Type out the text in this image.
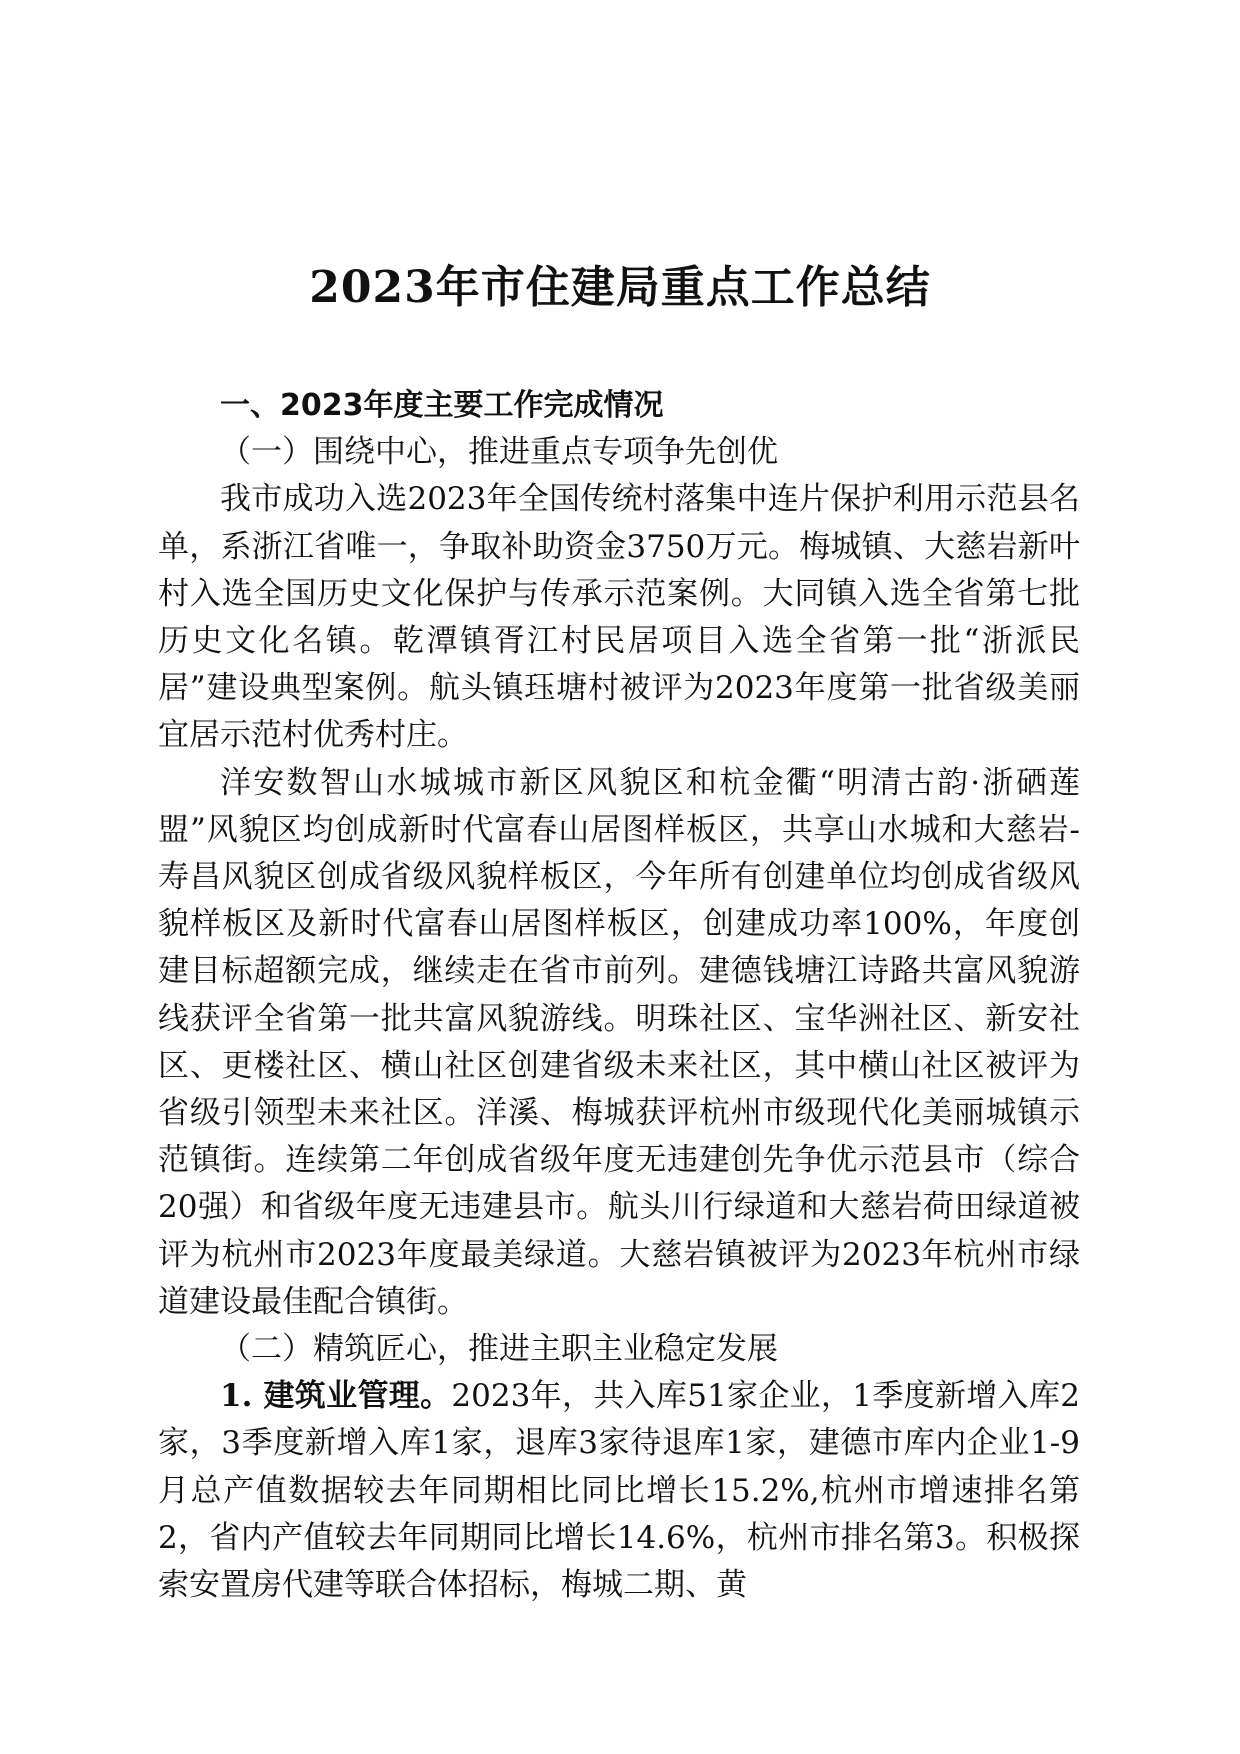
2023年市住建局重点工作总结

一、2023年度主要工作完成情况

（一）围绕中心，推进重点专项争先创优

我市成功入选2023年全国传统村落集中连片保护利用示范县名单，系浙江省唯一，争取补助资金3750万元。梅城镇、大慈岩新叶村入选全国历史文化保护与传承示范案例。大同镇入选全省第七批历史文化名镇。乾潭镇胥江村民居项目入选全省第一批“浙派民居”建设典型案例。航头镇珏塘村被评为2023年度第一批省级美丽宜居示范村优秀村庄。

洋安数智山水城城市新区风貌区和杭金衢“明清古韵·浙硒莲盟”风貌区均创成新时代富春山居图样板区，共享山水城和大慈岩-寿昌风貌区创成省级风貌样板区，今年所有创建单位均创成省级风貌样板区及新时代富春山居图样板区，创建成功率100%，年度创建目标超额完成，继续走在省市前列。建德钱塘江诗路共富风貌游线获评全省第一批共富风貌游线。明珠社区、宝华洲社区、新安社区、更楼社区、横山社区创建省级未来社区，其中横山社区被评为省级引领型未来社区。洋溪、梅城获评杭州市级现代化美丽城镇示范镇街。连续第二年创成省级年度无违建创先争优示范县市（综合20强）和省级年度无违建县市。航头川行绿道和大慈岩荷田绿道被评为杭州市2023年度最美绿道。大慈岩镇被评为2023年杭州市绿道建设最佳配合镇街。

（二）精筑匠心，推进主职主业稳定发展

1. 建筑业管理。2023年，共入库51家企业，1季度新增入库2家，3季度新增入库1家，退库3家待退库1家，建德市库内企业1-9月总产值数据较去年同期相比同比增长15.2%,杭州市增速排名第2，省内产值较去年同期同比增长14.6%，杭州市排名第3。积极探索安置房代建等联合体招标，梅城二期、黄
